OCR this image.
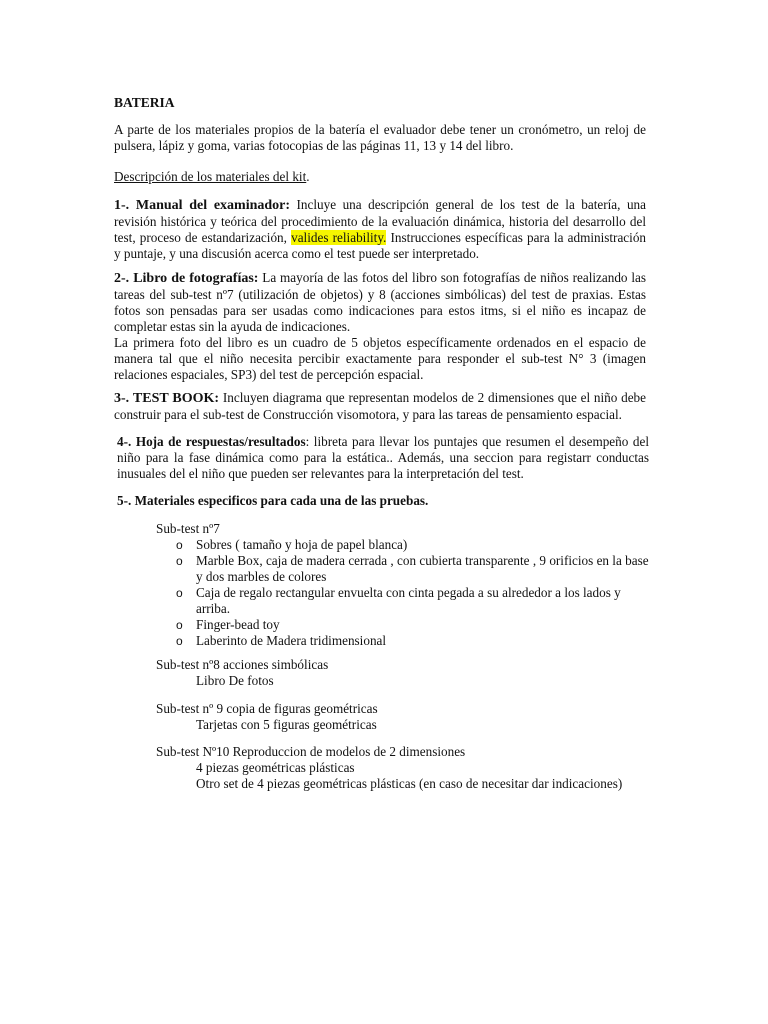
BATERIA

A parte de los materiales propios de la batería el evaluador debe tener un cronómetro, un reloj de pulsera, lápiz y goma, varias fotocopias de las páginas 11, 13 y 14 del libro.

Descripción de los materiales del kit.

1-. Manual del examinador: Incluye una descripción general de los test de la batería, una revisión histórica y teórica del procedimiento de la evaluación dinámica, historia del desarrollo del test, proceso de estandarización, valides reliability. Instrucciones específicas para la administración y puntaje, y una discusión acerca como el test puede ser interpretado.

2-. Libro de fotografías: La mayoría de las fotos del libro son fotografías de niños realizando las tareas del sub-test nº7 (utilización de objetos) y 8 (acciones simbólicas) del test de praxias. Estas fotos son pensadas para ser usadas como indicaciones para estos itms, si el niño es incapaz de completar estas sin la ayuda de indicaciones.

La primera foto del libro es un cuadro de 5 objetos específicamente ordenados en el espacio de manera tal que el niño necesita percibir exactamente para responder el sub-test N° 3 (imagen relaciones espaciales, SP3) del test de percepción espacial.

3-. TEST BOOK: Incluyen diagrama que representan modelos de 2 dimensiones que el niño debe construir para el sub-test de Construcción visomotora, y para las tareas de pensamiento espacial.

4-. Hoja de respuestas/resultados: libreta para llevar los puntajes que resumen el desempeño del niño para la fase dinámica como para la estática.. Además, una seccion para registarr conductas inusuales del el niño que pueden ser relevantes para la interpretación del test.

5-. Materiales especificos para cada una de las pruebas.

Sub-test nº7

o Sobres ( tamaño y hoja de papel blanca)
o Marble Box, caja de madera cerrada , con cubierta transparente , 9 orificios en la base y dos marbles de colores
o Caja de regalo rectangular envuelta con cinta pegada a su alrededor a los lados y arriba.
o Finger-bead toy
o Laberinto de Madera tridimensional

Sub-test nº8 acciones simbólicas

Libro De fotos

Sub-test nº 9 copia de figuras geométricas

Tarjetas con 5 figuras geométricas

Sub-test Nº10 Reproduccion de modelos de 2 dimensiones

4 piezas geométricas plásticas

Otro set de 4 piezas geométricas plásticas (en caso de necesitar dar indicaciones)
